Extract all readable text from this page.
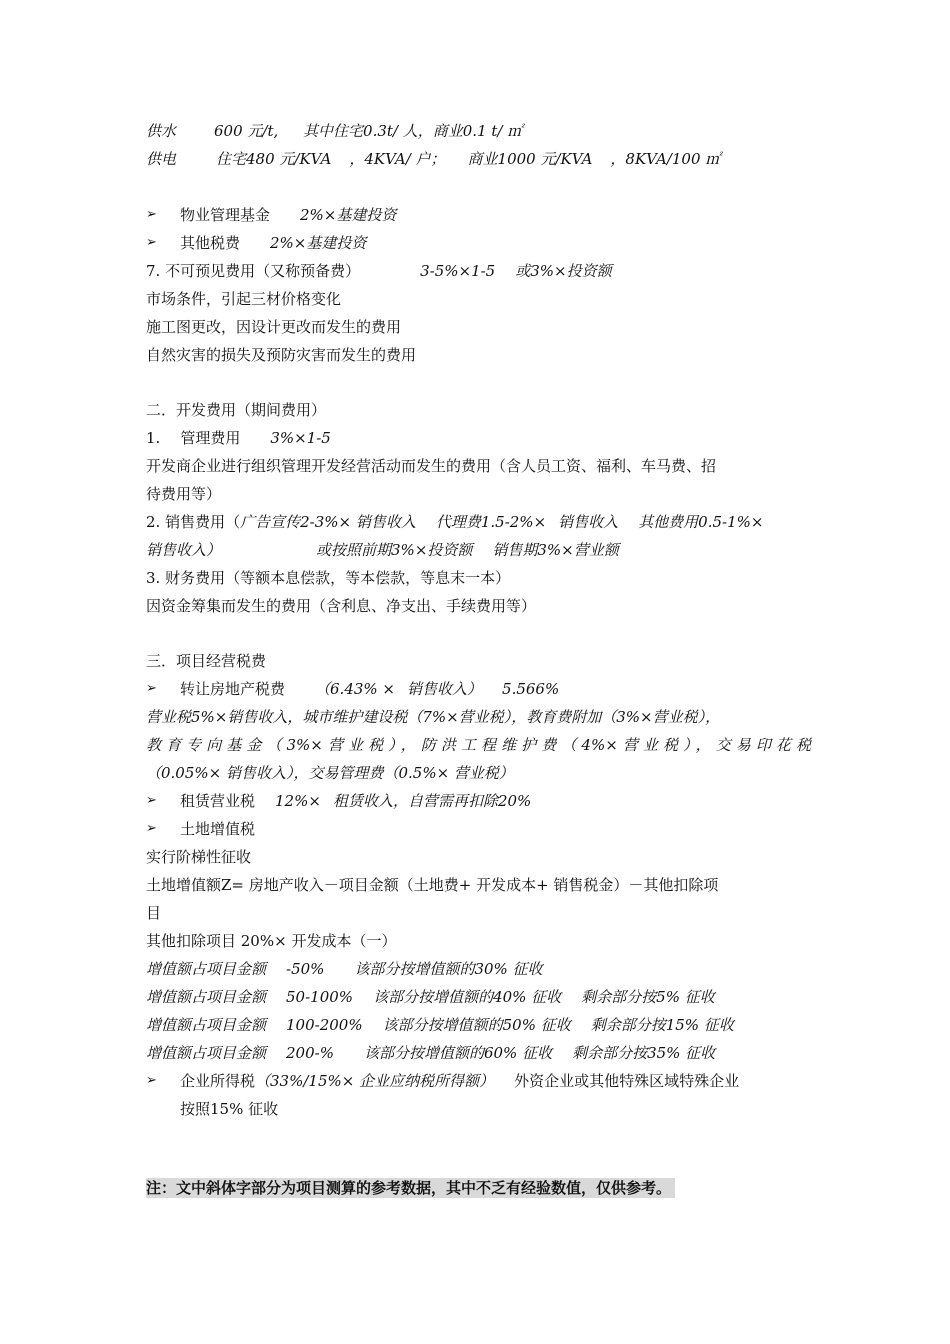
供水	600 元/t, 其中住宅0.3t/ 人，商业0.1 t/ ㎡
供电	住宅480 元/KVA ，4KVA/ 户； 商业1000 元/KVA ，8KVA/100 ㎡
➢ 物业管理基金 2%×基建投资
➢ 其他税费 2%×基建投资
7. 不可预见费用（又称预备费）	3-5%×1-5 或3%×投资额
市场条件，引起三材价格变化
施工图更改，因设计更改而发生的费用
自然灾害的损失及预防灾害而发生的费用
二．开发费用（期间费用）
1. 管理费用 3%×1-5
开发商企业进行组织管理开发经营活动而发生的费用（含人员工资、福利、车马费、招
待费用等）
2. 销售费用（广告宣传2-3%× 销售收入 代理费1.5-2%× 销售收入 其他费用0.5-1%×
销售收入）	或按照前期3%×投资额 销售期3%×营业额
3. 财务费用（等额本息偿款，等本偿款，等息末一本）
因资金筹集而发生的费用（含利息、净支出、手续费用等）
三．项目经营税费
➢ 转让房地产税费 （6.43% × 销售收入） 5.566%
营业税5%×销售收入，城市维护建设税（7%×营业税），教育费附加（3%×营业税），
教育专向基金（3%×营业税），防洪工程维护费（4%×营业税），交易印花税
（0.05%× 销售收入），交易管理费（0.5%× 营业税）
➢ 租赁营业税 12%× 租赁收入，自营需再扣除20%
➢ 土地增值税
实行阶梯性征收
土地增值额Z= 房地产收入－项目金额（土地费+ 开发成本+ 销售税金）－其他扣除项
目
其他扣除项目 20%× 开发成本（一）
增值额占项目金额 -50% 该部分按增值额的30% 征收
增值额占项目金额 50-100% 该部分按增值额的40% 征收 剩余部分按5% 征收
增值额占项目金额 100-200% 该部分按增值额的50% 征收 剩余部分按15% 征收
增值额占项目金额 200-% 该部分按增值额的60% 征收 剩余部分按35% 征收
➢ 企业所得税（33%/15%× 企业应纳税所得额） 外资企业或其他特殊区域特殊企业
按照15% 征收
注：文中斜体字部分为项目测算的参考数据，其中不乏有经验数值，仅供参考。
